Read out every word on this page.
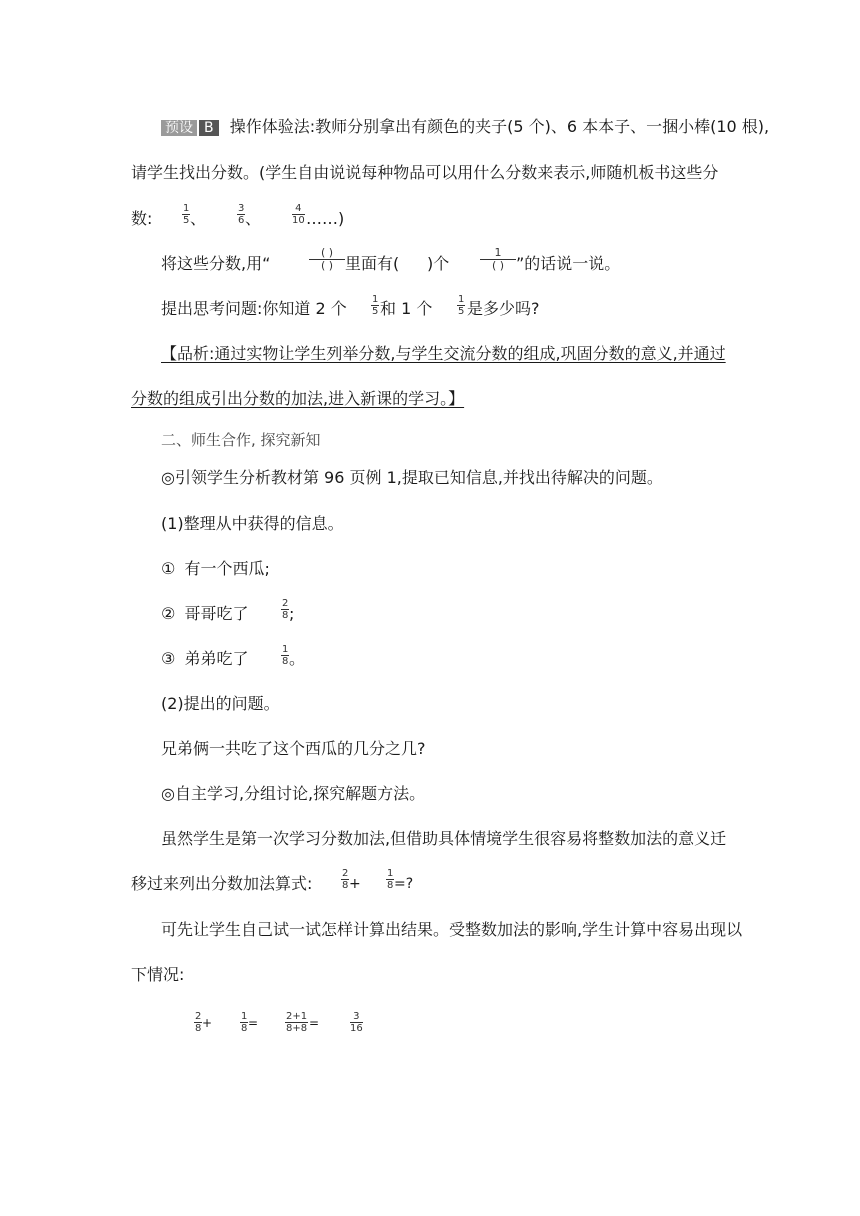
预设 B 操作体验法:教师分别拿出有颜色的夹子(5 个)、6 本本子、一捆小棒(10 根),
请学生找出分数。(学生自由说说每种物品可以用什么分数来表示,师随机板书这些分
数:	$\frac{1}{5}$ 、	$\frac{3}{6}$ 、	$\frac{4}{10}$ ……)
将这些分数,用“
( )
( ) 里面有( )个
1
( ) ”的话说一说。
提出思考问题:你知道 2 个 $\frac{1}{5}$ 和 1 个 $\frac{1}{5}$ 是多少吗?
【品析:通过实物让学生列举分数,与学生交流分数的组成,巩固分数的意义,并通过
分数的组成引出分数的加法,进入新课的学习。】
二、师生合作, 探究新知
◎引领学生分析教材第 96 页例 1,提取已知信息,并找出待解决的问题。
(1)整理从中获得的信息。
① 有一个西瓜;
② 哥哥吃了	$\frac{2}{8}$ ;
③ 弟弟吃了	$\frac{1}{8}$ 。
(2)提出的问题。
兄弟俩一共吃了这个西瓜的几分之几?
◎自主学习,分组讨论,探究解题方法。
虽然学生是第一次学习分数加法,但借助具体情境学生很容易将整数加法的意义迁
移过来列出分数加法算式:	$\frac{2}{8}$ +	$\frac{1}{8}$ =?
可先让学生自己试一试怎样计算出结果。受整数加法的影响,学生计算中容易出现以
下情况:
$\frac{2}{8}$ +	$\frac{1}{8}$ =	$\frac{2+1}{8+8}$ =	$\frac{3}{16}$
